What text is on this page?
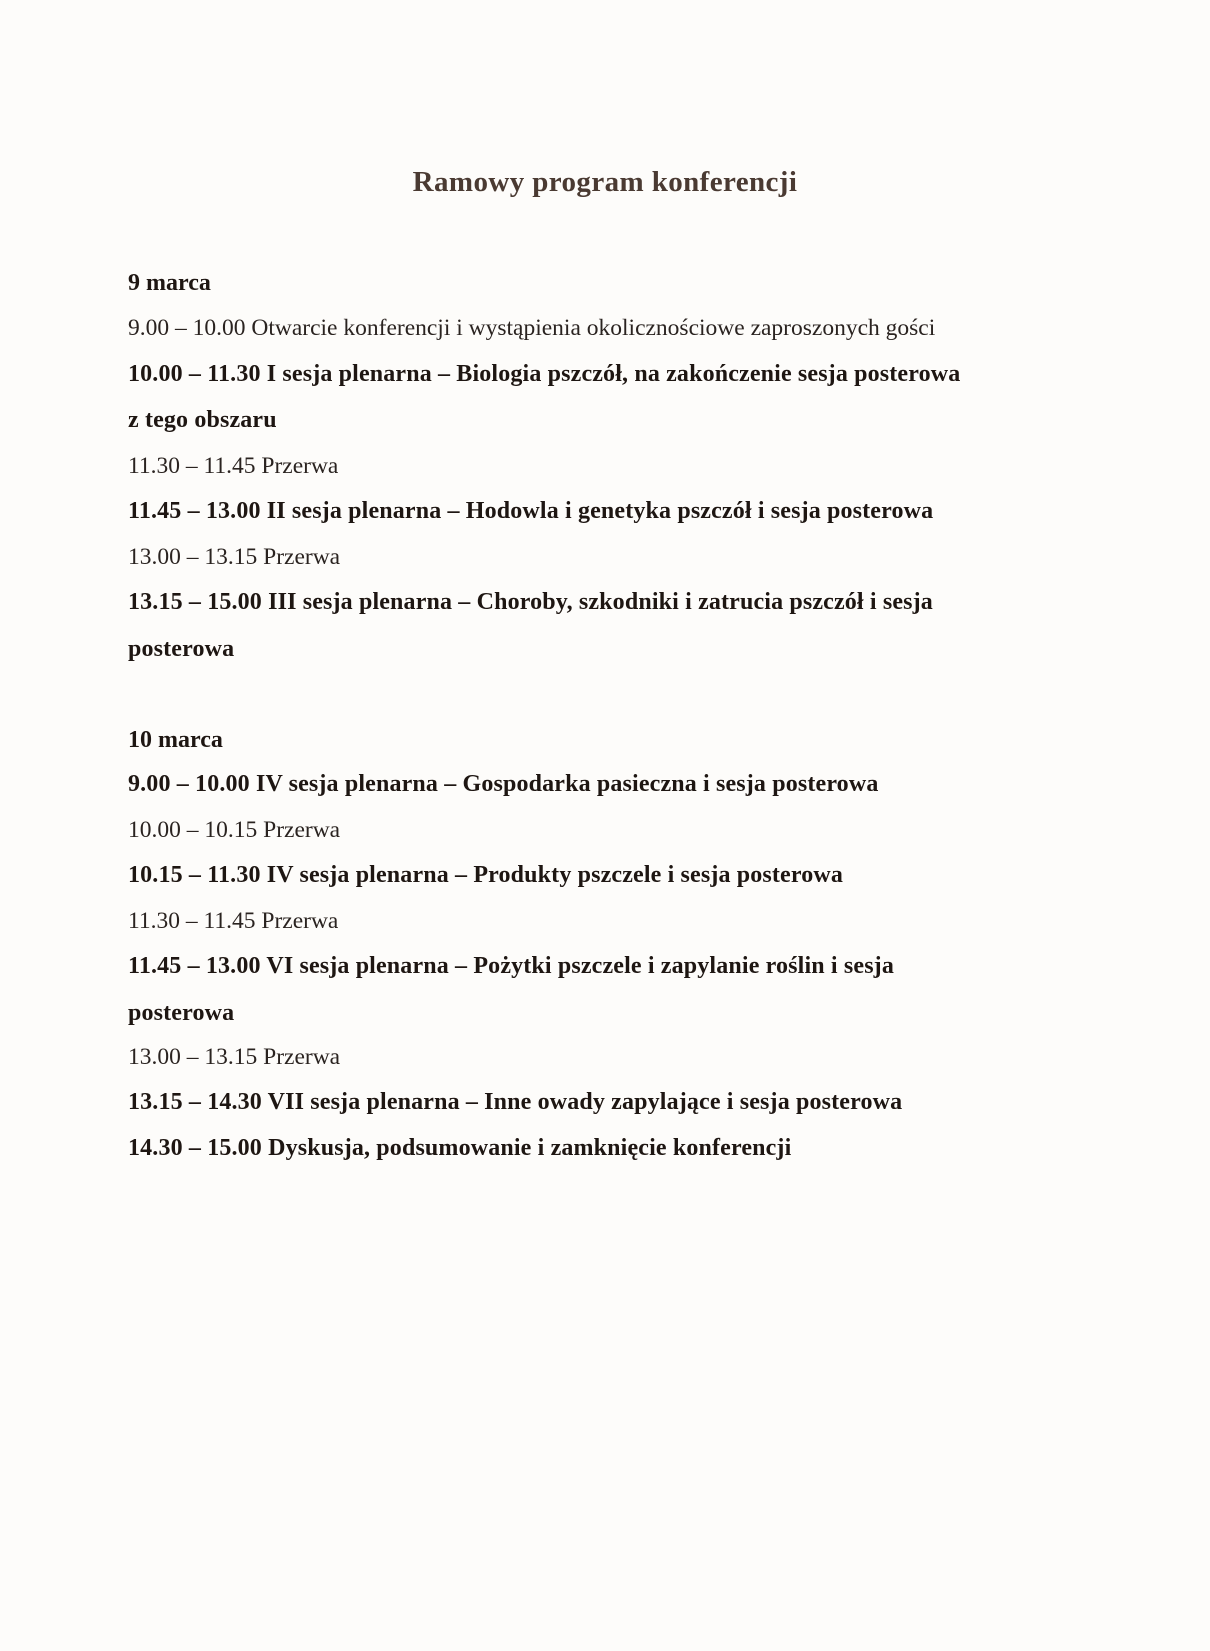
Ramowy program konferencji

9 marca

9.00 – 10.00 Otwarcie konferencji i wystąpienia okolicznościowe zaproszonych gości

10.00 – 11.30 I sesja plenarna – Biologia pszczół, na zakończenie sesja posterowa

z tego obszaru

11.30 – 11.45 Przerwa

11.45 – 13.00 II sesja plenarna – Hodowla i genetyka pszczół i sesja posterowa

13.00 – 13.15 Przerwa

13.15 – 15.00 III sesja plenarna – Choroby, szkodniki i zatrucia pszczół i sesja

posterowa

10 marca

9.00 – 10.00 IV sesja plenarna – Gospodarka pasieczna i sesja posterowa

10.00 – 10.15 Przerwa

10.15 – 11.30 IV sesja plenarna – Produkty pszczele i sesja posterowa

11.30 – 11.45 Przerwa

11.45 – 13.00 VI sesja plenarna – Pożytki pszczele i zapylanie roślin i sesja

posterowa

13.00 – 13.15 Przerwa

13.15 – 14.30 VII sesja plenarna – Inne owady zapylające i sesja posterowa

14.30 – 15.00 Dyskusja, podsumowanie i zamknięcie konferencji
